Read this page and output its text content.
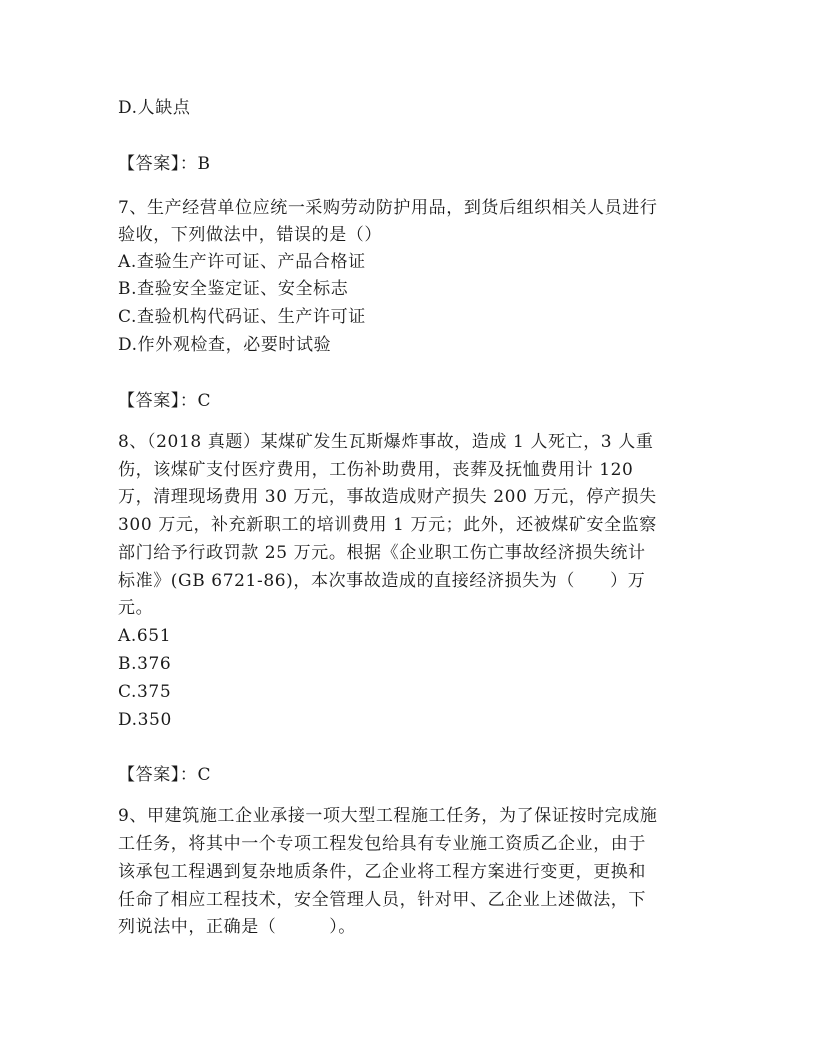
D.人缺点
【答案】：B
7、生产经营单位应统一采购劳动防护用品，到货后组织相关人员进行
验收，下列做法中，错误的是（）
A.查验生产许可证、产品合格证
B.查验安全鉴定证、安全标志
C.查验机构代码证、生产许可证
D.作外观检查，必要时试验
【答案】：C
8、（2018 真题）某煤矿发生瓦斯爆炸事故，造成 1 人死亡，3 人重
伤，该煤矿支付医疗费用，工伤补助费用，丧葬及抚恤费用计 120
万，清理现场费用 30 万元，事故造成财产损失 200 万元，停产损失
300 万元，补充新职工的培训费用 1 万元；此外，还被煤矿安全监察
部门给予行政罚款 25 万元。根据《企业职工伤亡事故经济损失统计
标准》(GB 6721-86)，本次事故造成的直接经济损失为（　　）万
元。
A.651
B.376
C.375
D.350
【答案】：C
9、甲建筑施工企业承接一项大型工程施工任务，为了保证按时完成施
工任务，将其中一个专项工程发包给具有专业施工资质乙企业，由于
该承包工程遇到复杂地质条件，乙企业将工程方案进行变更，更换和
任命了相应工程技术，安全管理人员，针对甲、乙企业上述做法，下
列说法中，正确是（　　　）。
